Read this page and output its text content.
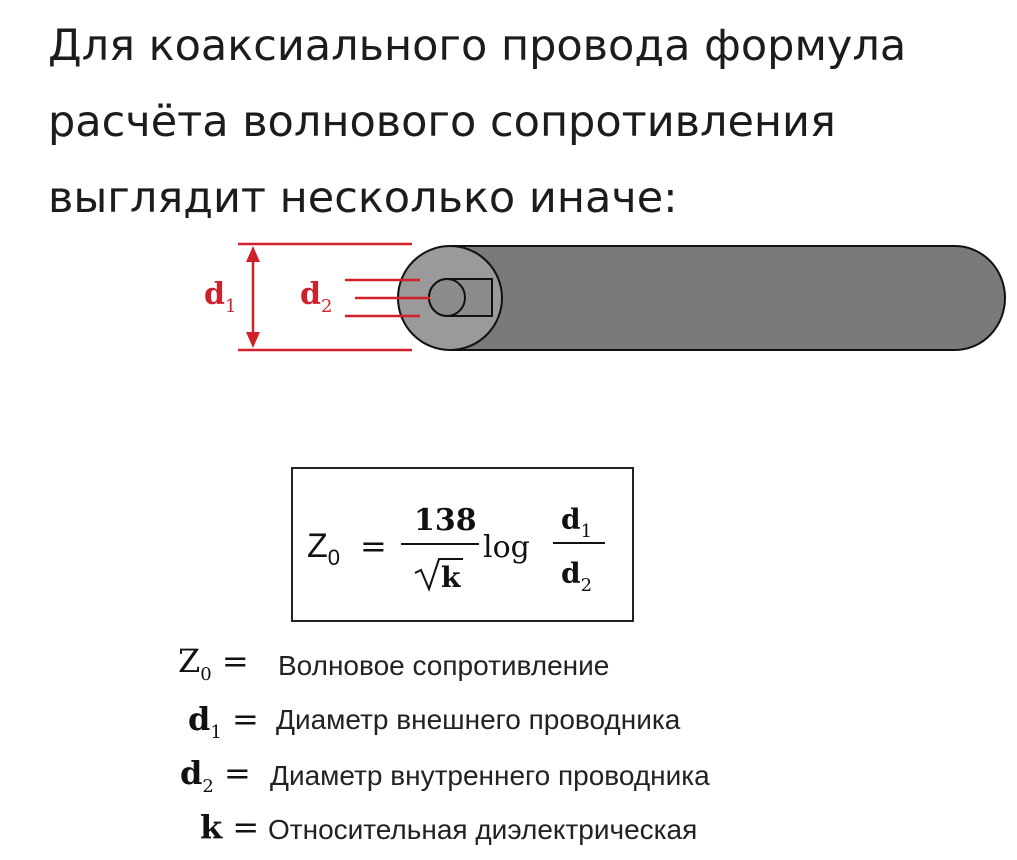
Для коаксиального провода формула
расчёта волнового сопротивления
выглядит несколько иначе:
$d_1$ $d_2$
$Z_0$ =
138
k
log
$d_1$
$d_2$
$Z_0$ = Волновое сопротивление
$d_1$ = Диаметр внешнего проводника
$d_2$ = Диаметр внутреннего проводника
k = Относительная диэлектрическая
